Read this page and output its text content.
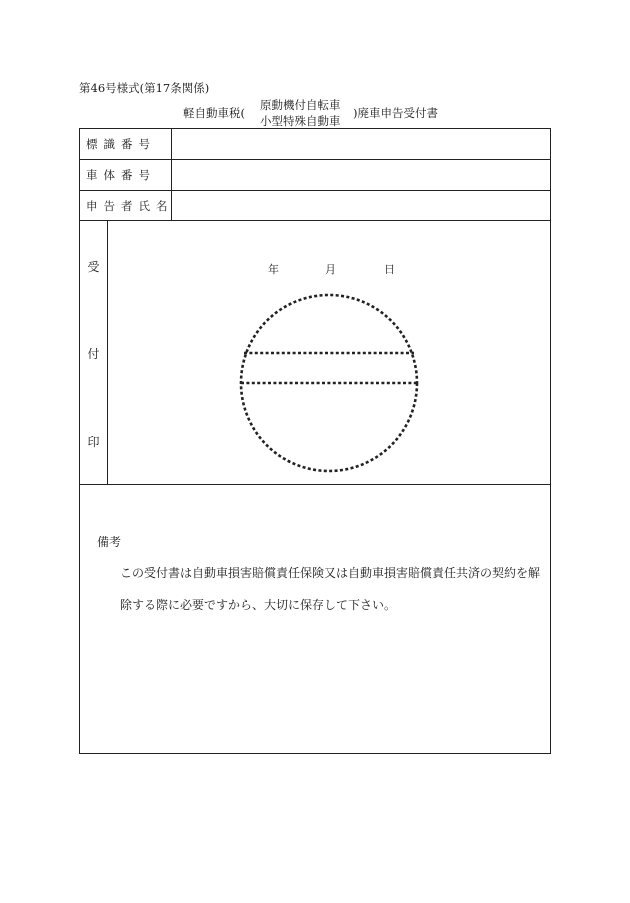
第46号様式(第17条関係)
軽自動車税(
原動機付自転車
小型特殊自動車
)廃車申告受付書
標識番号
車体番号
申告者氏名
受
付
印
年	月	日
備考
この受付書は自動車損害賠償責任保険又は自動車損害賠償責任共済の契約を解
除する際に必要ですから、大切に保存して下さい。
